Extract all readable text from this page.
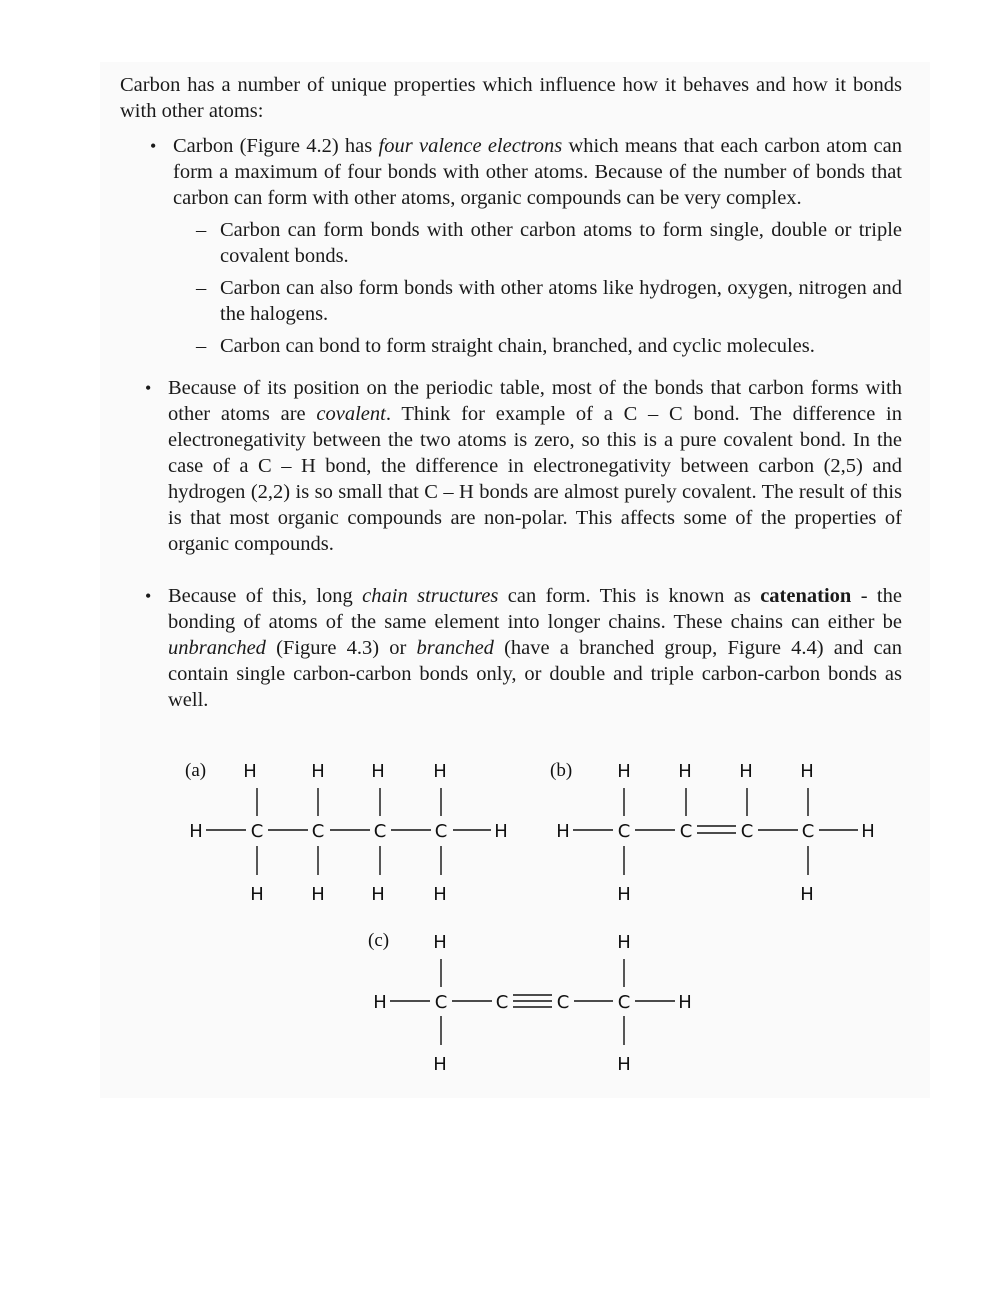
Carbon has a number of unique properties which influence how it behaves and how it bonds with other atoms:

• Carbon (Figure 4.2) has four valence electrons which means that each carbon atom can form a maximum of four bonds with other atoms. Because of the number of bonds that carbon can form with other atoms, organic compounds can be very complex.
– Carbon can form bonds with other carbon atoms to form single, double or triple covalent bonds.
– Carbon can also form bonds with other atoms like hydrogen, oxygen, nitrogen and the halogens.
– Carbon can bond to form straight chain, branched, and cyclic molecules.
• Because of its position on the periodic table, most of the bonds that carbon forms with other atoms are covalent. Think for example of a C – C bond. The difference in electronegativity between the two atoms is zero, so this is a pure covalent bond. In the case of a C – H bond, the difference in electronegativity between carbon (2,5) and hydrogen (2,2) is so small that C – H bonds are almost purely covalent. The result of this is that most organic compounds are non-polar. This affects some of the properties of organic compounds.
• Because of this, long chain structures can form. This is known as catenation - the bonding of atoms of the same element into longer chains. These chains can either be unbranched (Figure 4.3) or branched (have a branched group, Figure 4.4) and can contain single carbon-carbon bonds only, or double and triple carbon-carbon bonds as well.
(a) H	H	H	H
H	C	C	C	C	H
H	H	H	H
(b)	H	H	H	H
H	C	C	C	C	H
H	H
(c) H	H
H	C	C	C	C	H
H	H
